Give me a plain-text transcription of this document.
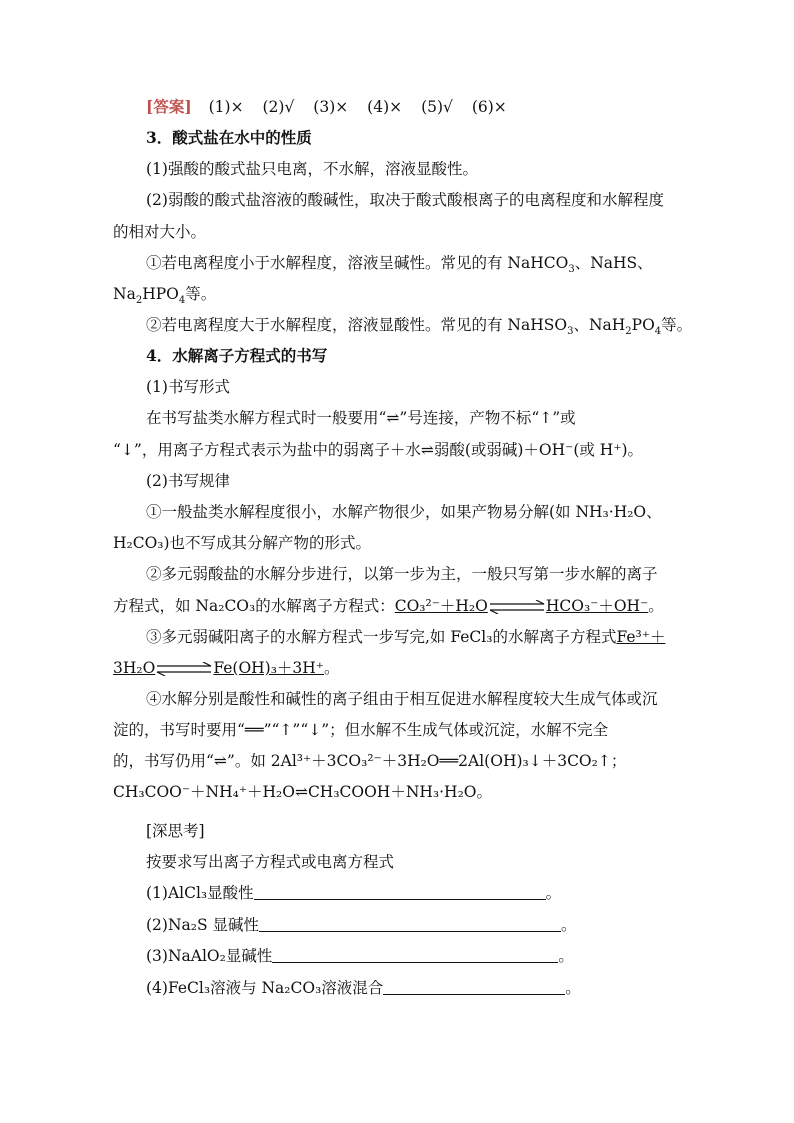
[答案] (1)× (2)√ (3)× (4)× (5)√ (6)×
3．酸式盐在水中的性质
(1)强酸的酸式盐只电离，不水解，溶液显酸性。
(2)弱酸的酸式盐溶液的酸碱性，取决于酸式酸根离子的电离程度和水解程度
的相对大小。
①若电离程度小于水解程度，溶液呈碱性。常见的有 NaHCO$_3$、NaHS、
$Na_2HPO_4$等。
②若电离程度大于水解程度，溶液显酸性。常见的有 NaHSO$_3$、$NaH_2PO_4$等。
4．水解离子方程式的书写
(1)书写形式
在书写盐类水解方程式时一般要用“⇌”号连接，产物不标“↑”或
“↓”，用离子方程式表示为盐中的弱离子＋水⇌弱酸(或弱碱)＋OH⁻(或 H⁺)。
(2)书写规律
①一般盐类水解程度很小，水解产物很少，如果产物易分解(如 NH₃·H₂O、
H₂CO₃)也不写成其分解产物的形式。
②多元弱酸盐的水解分步进行，以第一步为主，一般只写第一步水解的离子
方程式，如 Na₂CO₃的水解离子方程式：CO₃²⁻＋H₂O⇌HCO₃⁻＋OH⁻。
③多元弱碱阳离子的水解方程式一步写完,如 FeCl₃的水解离子方程式Fe³⁺＋
3H₂O⇌Fe(OH)₃＋3H⁺。
④水解分别是酸性和碱性的离子组由于相互促进水解程度较大生成气体或沉
淀的，书写时要用“══”“↑”“↓”；但水解不生成气体或沉淀，水解不完全
的，书写仍用“⇌”。如 2Al³⁺＋3CO₃²⁻＋3H₂O══2Al(OH)₃↓＋3CO₂↑；
CH₃COO⁻＋NH₄⁺＋H₂O⇌CH₃COOH＋NH₃·H₂O。
[深思考]
按要求写出离子方程式或电离方程式
(1)AlCl₃显酸性	。
(2)Na₂S 显碱性	。
(3)NaAlO₂显碱性	。
(4)FeCl₃溶液与 Na₂CO₃溶液混合	。
